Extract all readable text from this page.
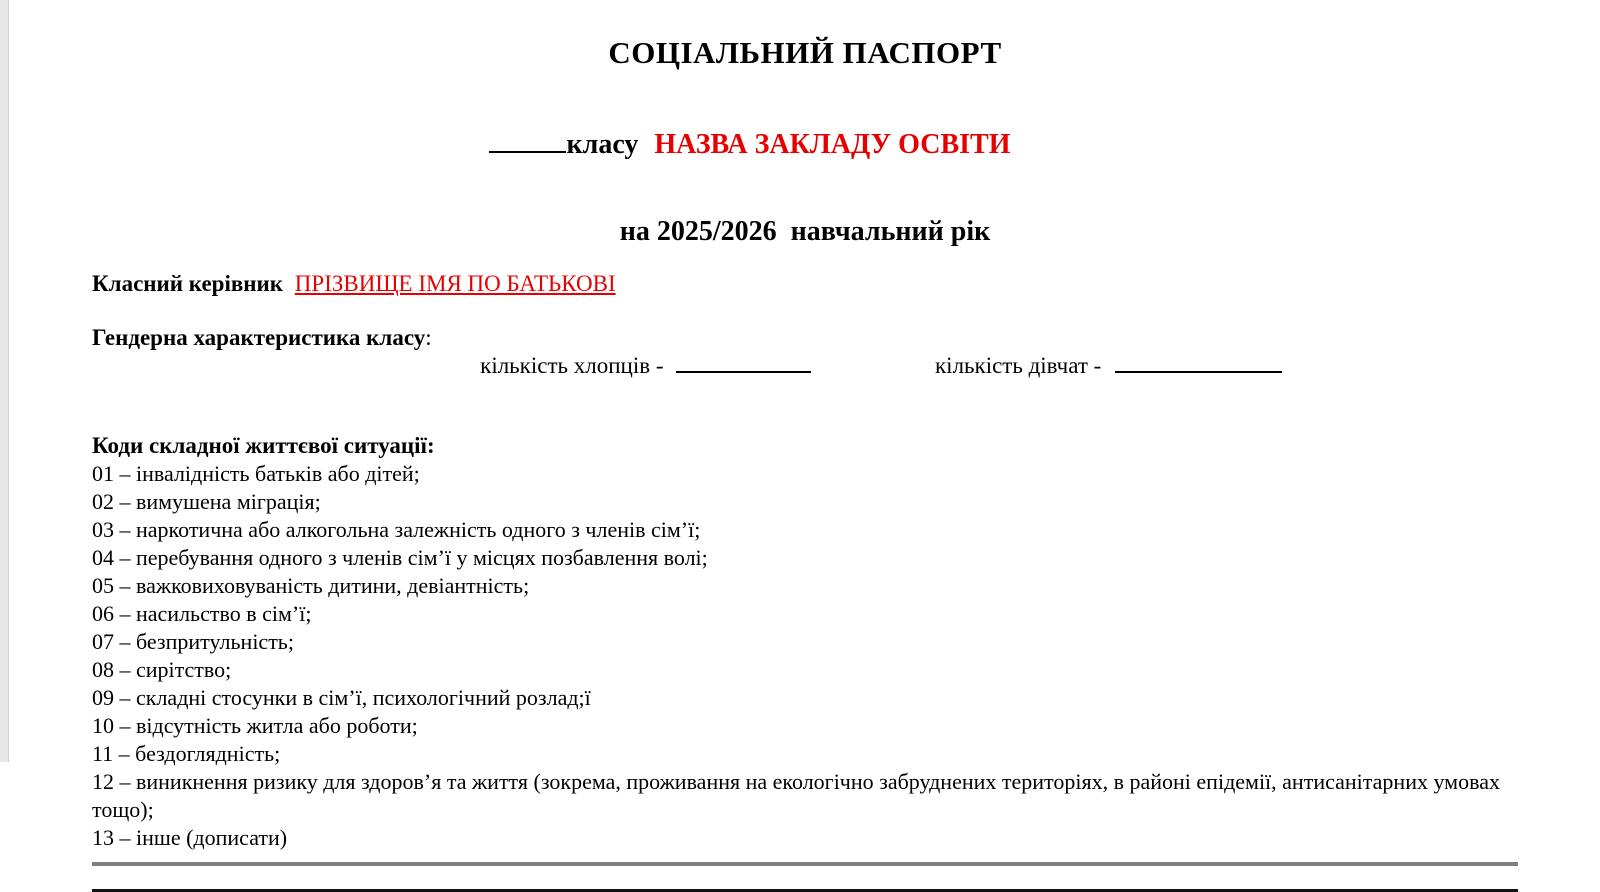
СОЦІАЛЬНИЙ ПАСПОРТ

класу НАЗВА ЗАКЛАДУ ОСВІТИ

на 2025/2026  навчальний рік
Класний керівник ПРІЗВИЩЕ ІМЯ ПО БАТЬКОВІ
Гендерна характеристика класу:

кількість хлопців -
	кількість дівчат -

Коди складної життєвої ситуації:
01 – інвалідність батьків або дітей;
02 – вимушена міграція;
03 – наркотична або алкогольна залежність одного з членів сім’ї;
04 – перебування одного з членів сім’ї у місцях позбавлення волі;
05 – важковиховуваність дитини, девіантність;
06 – насильство в сім’ї;
07 – безпритульність;
08 – сирітство;
09 – складні стосунки в сім’ї, психологічний розлад;ї
10 – відсутність житла або роботи;
11 – бездоглядність;
12 – виникнення ризику для здоров’я та життя (зокрема, проживання на екологічно забруднених територіях, в районі епідемії, антисанітарних умовах тощо);
13 – інше (дописати)
